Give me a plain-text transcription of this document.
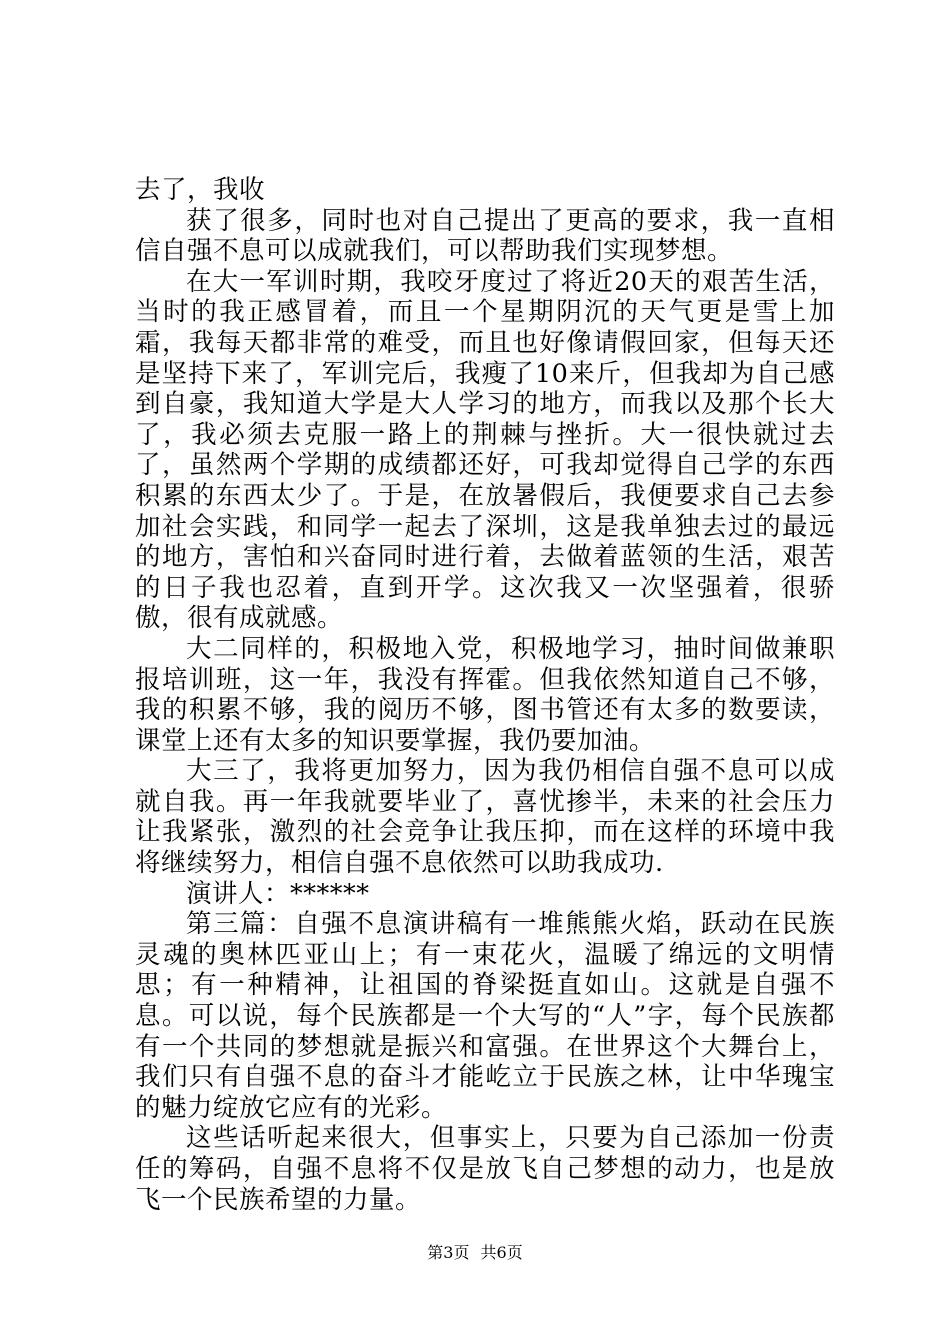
去了，我收

获了很多，同时也对自己提出了更高的要求，我一直相信自强不息可以成就我们，可以帮助我们实现梦想。

在大一军训时期，我咬牙度过了将近20天的艰苦生活，当时的我正感冒着，而且一个星期阴沉的天气更是雪上加霜，我每天都非常的难受，而且也好像请假回家，但每天还是坚持下来了，军训完后，我瘦了10来斤，但我却为自己感到自豪，我知道大学是大人学习的地方，而我以及那个长大了，我必须去克服一路上的荆棘与挫折。大一很快就过去了，虽然两个学期的成绩都还好，可我却觉得自己学的东西积累的东西太少了。于是，在放暑假后，我便要求自己去参加社会实践，和同学一起去了深圳，这是我单独去过的最远的地方，害怕和兴奋同时进行着，去做着蓝领的生活，艰苦的日子我也忍着，直到开学。这次我又一次坚强着，很骄傲，很有成就感。

大二同样的，积极地入党，积极地学习，抽时间做兼职报培训班，这一年，我没有挥霍。但我依然知道自己不够，我的积累不够，我的阅历不够，图书管还有太多的数要读，课堂上还有太多的知识要掌握，我仍要加油。

大三了，我将更加努力，因为我仍相信自强不息可以成就自我。再一年我就要毕业了，喜忧掺半，未来的社会压力让我紧张，激烈的社会竞争让我压抑，而在这样的环境中我将继续努力，相信自强不息依然可以助我成功.

演讲人：******

第三篇：自强不息演讲稿有一堆熊熊火焰，跃动在民族灵魂的奥林匹亚山上；有一束花火，温暖了绵远的文明情思；有一种精神，让祖国的脊梁挺直如山。这就是自强不息。可以说，每个民族都是一个大写的“人”字，每个民族都有一个共同的梦想就是振兴和富强。在世界这个大舞台上，我们只有自强不息的奋斗才能屹立于民族之林，让中华瑰宝的魅力绽放它应有的光彩。

这些话听起来很大，但事实上，只要为自己添加一份责任的筹码，自强不息将不仅是放飞自己梦想的动力，也是放飞一个民族希望的力量。

第3页 共6页
